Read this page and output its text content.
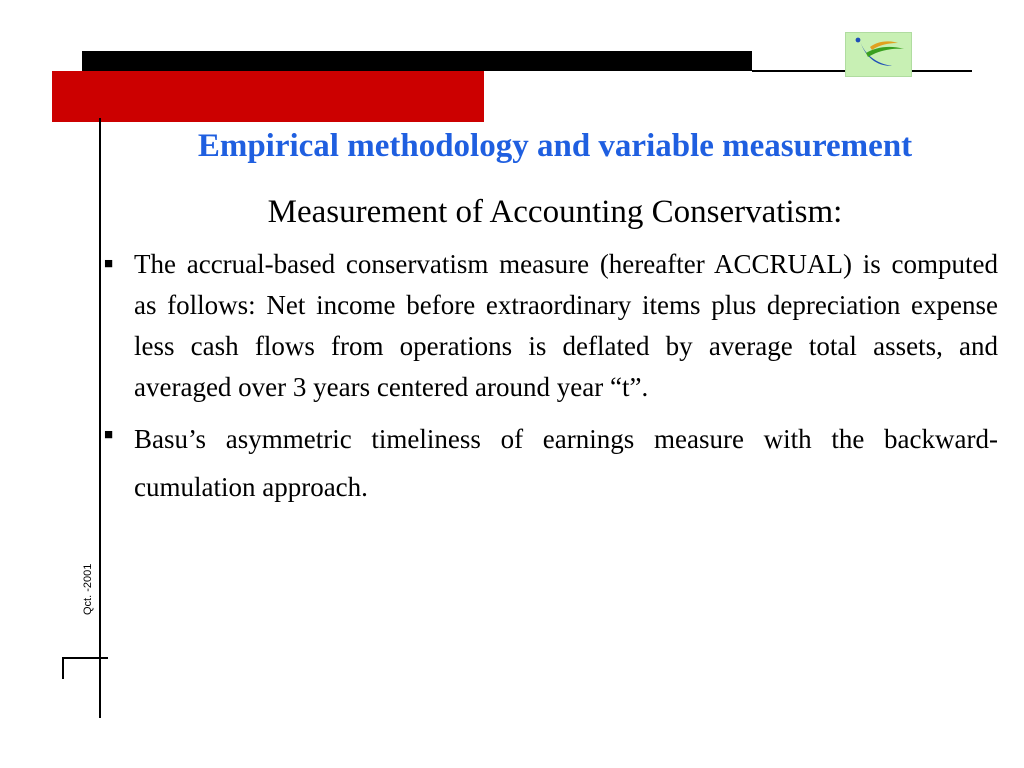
Qct. -2001
Empirical methodology and variable measurement
Measurement of Accounting Conservatism:
■ The accrual-based conservatism measure (hereafter ACCRUAL) is computed as follows: Net income before extraordinary items plus depreciation expense less cash flows from operations is deflated by average total assets, and averaged over 3 years centered around year “t”.
■ Basu’s asymmetric timeliness of earnings measure with the backward-cumulation approach.
